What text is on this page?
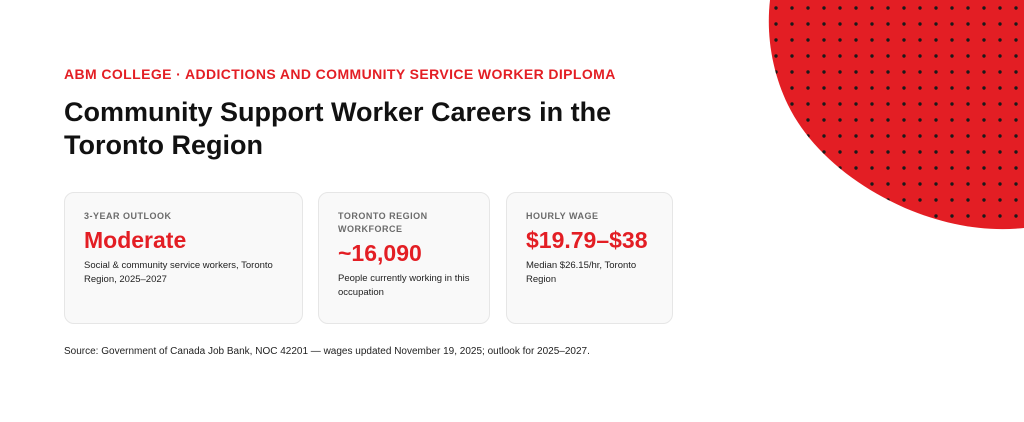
ABM COLLEGE · ADDICTIONS AND COMMUNITY SERVICE WORKER DIPLOMA
Community Support Worker Careers in the Toronto Region
3-YEAR OUTLOOK
Moderate
Social & community service workers, Toronto Region, 2025–2027
TORONTO REGION WORKFORCE
~16,090
People currently working in this occupation
HOURLY WAGE
$19.79–$38
Median $26.15/hr, Toronto Region
Source: Government of Canada Job Bank, NOC 42201 — wages updated November 19, 2025; outlook for 2025–2027.
